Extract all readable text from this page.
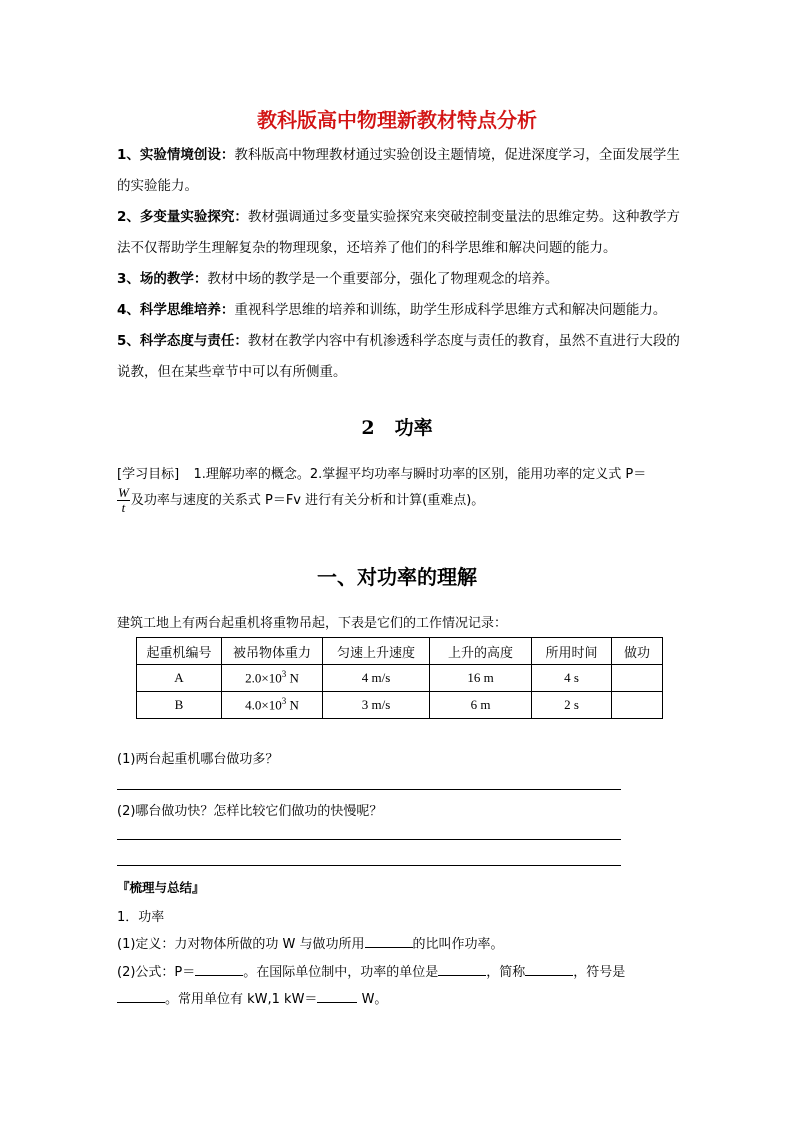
教科版高中物理新教材特点分析
1、实验情境创设：教科版高中物理教材通过实验创设主题情境，促进深度学习，全面发展学生的实验能力。
2、多变量实验探究：教材强调通过多变量实验探究来突破控制变量法的思维定势。这种教学方法不仅帮助学生理解复杂的物理现象，还培养了他们的科学思维和解决问题的能力。
3、场的教学：教材中场的教学是一个重要部分，强化了物理观念的培养。
4、科学思维培养：重视科学思维的培养和训练，助学生形成科学思维方式和解决问题能力。
5、科学态度与责任：教材在教学内容中有机渗透科学态度与责任的教育，虽然不直进行大段的说教，但在某些章节中可以有所侧重。
2 功率
[学习目标] 1.理解功率的概念。2.掌握平均功率与瞬时功率的区别，能用功率的定义式 P＝
$\frac{W}{t}$ 及功率与速度的关系式 P＝Fv 进行有关分析和计算(重难点)。
一、对功率的理解
建筑工地上有两台起重机将重物吊起，下表是它们的工作情况记录：
起重机编号	被吊物体重力	匀速上升速度	上升的高度	所用时间	做功
A	$2.0\times 10^3$ N	4 m/s	16 m	4 s	
B	$4.0\times 10^3$ N	3 m/s	6 m	2 s	
(1)两台起重机哪台做功多？
(2)哪台做功快？怎样比较它们做功的快慢呢？
『梳理与总结』
1．功率
(1)定义：力对物体所做的功 W 与做功所用	的比叫作功率。
(2)公式：P＝	。在国际单位制中，功率的单位是	，简称	，符号是
。常用单位有 kW,1 kW＝	W。
